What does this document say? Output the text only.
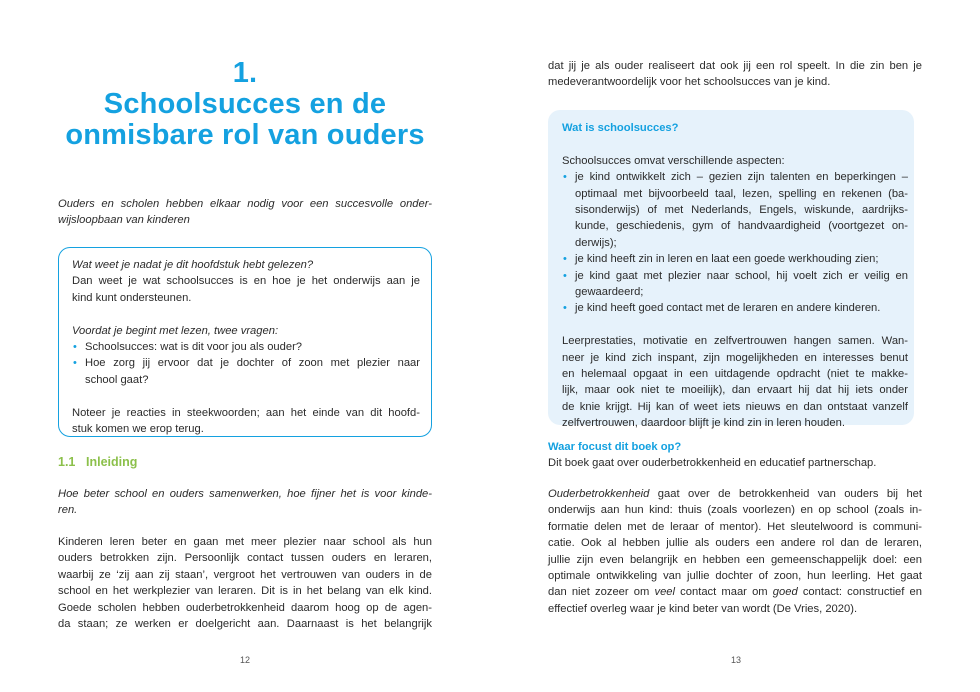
1.
Schoolsucces en de
onmisbare rol van ouders

Ouders en scholen hebben elkaar nodig voor een succesvolle onder-
wijsloopbaan van kinderen

Wat weet je nadat je dit hoofdstuk hebt gelezen?
Dan weet je wat schoolsucces is en hoe je het onderwijs aan je
kind kunt ondersteunen.
Voordat je begint met lezen, twee vragen:
• Schoolsucces: wat is dit voor jou als ouder?
• Hoe zorg jij ervoor dat je dochter of zoon met plezier naar
school gaat?
Noteer je reacties in steekwoorden; aan het einde van dit hoofd-
stuk komen we erop terug.
1.1 Inleiding

Hoe beter school en ouders samenwerken, hoe fijner het is voor kinde-
ren.

Kinderen leren beter en gaan met meer plezier naar school als hun
ouders betrokken zijn. Persoonlijk contact tussen ouders en leraren,
waarbij ze ‘zij aan zij staan’, vergroot het vertrouwen van ouders in de
school en het werkplezier van leraren. Dit is in het belang van elk kind.
Goede scholen hebben ouderbetrokkenheid daarom hoog op de agen-
da staan; ze werken er doelgericht aan. Daarnaast is het belangrijk

12

dat jij je als ouder realiseert dat ook jij een rol speelt. In die zin ben je
medeverantwoordelijk voor het schoolsucces van je kind.

Wat is schoolsucces?
Schoolsucces omvat verschillende aspecten:
• je kind ontwikkelt zich – gezien zijn talenten en beperkingen –
optimaal met bijvoorbeeld taal, lezen, spelling en rekenen (ba-
sisonderwijs) of met Nederlands, Engels, wiskunde, aardrijks-
kunde, geschiedenis, gym of handvaardigheid (voortgezet on-
derwijs);
• je kind heeft zin in leren en laat een goede werkhouding zien;
• je kind gaat met plezier naar school, hij voelt zich er veilig en
gewaardeerd;
• je kind heeft goed contact met de leraren en andere kinderen.
Leerprestaties, motivatie en zelfvertrouwen hangen samen. Wan-
neer je kind zich inspant, zijn mogelijkheden en interesses benut
en helemaal opgaat in een uitdagende opdracht (niet te makke-
lijk, maar ook niet te moeilijk), dan ervaart hij dat hij iets onder
de knie krijgt. Hij kan of weet iets nieuws en dan ontstaat vanzelf
zelfvertrouwen, daardoor blijft je kind zin in leren houden.
Waar focust dit boek op?
Dit boek gaat over ouderbetrokkenheid en educatief partnerschap.

Ouderbetrokkenheid gaat over de betrokkenheid van ouders bij het
onderwijs aan hun kind: thuis (zoals voorlezen) en op school (zoals in-
formatie delen met de leraar of mentor). Het sleutelwoord is communi-
catie. Ook al hebben jullie als ouders een andere rol dan de leraren,
jullie zijn even belangrijk en hebben een gemeenschappelijk doel: een
optimale ontwikkeling van jullie dochter of zoon, hun leerling. Het gaat
dan niet zozeer om veel contact maar om goed contact: constructief en
effectief overleg waar je kind beter van wordt (De Vries, 2020).

13
